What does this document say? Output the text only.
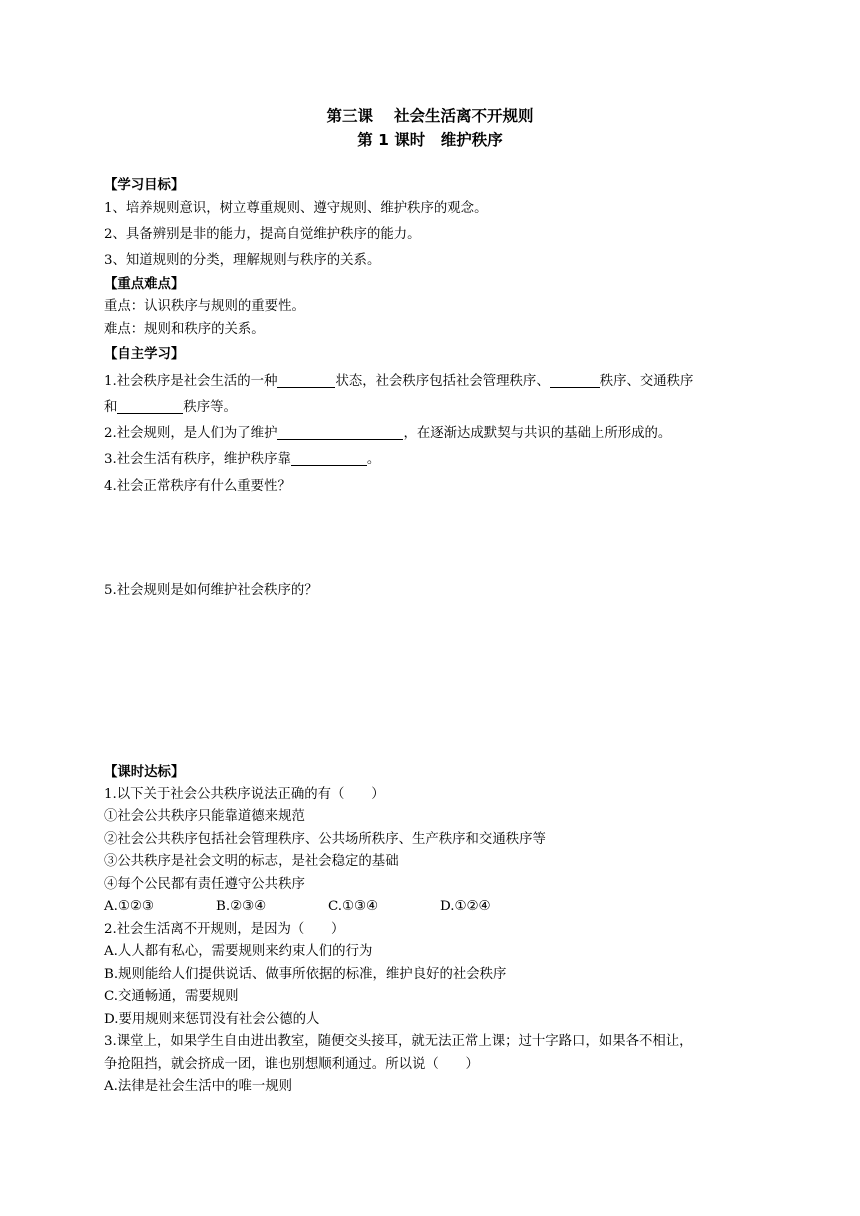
第三课　 社会生活离不开规则
第 1 课时　维护秩序
【学习目标】
1、培养规则意识，树立尊重规则、遵守规则、维护秩序的观念。
2、具备辨别是非的能力，提高自觉维护秩序的能力。
3、知道规则的分类，理解规则与秩序的关系。
【重点难点】
重点：认识秩序与规则的重要性。
难点：规则和秩序的关系。
【自主学习】
1.社会秩序是社会生活的一种	状态，社会秩序包括社会管理秩序、	秩序、交通秩序
和	秩序等。
2.社会规则，是人们为了维护	，在逐渐达成默契与共识的基础上所形成的。
3.社会生活有秩序，维护秩序靠	。
4.社会正常秩序有什么重要性？
5.社会规则是如何维护社会秩序的？
【课时达标】
1.以下关于社会公共秩序说法正确的有（　　）
①社会公共秩序只能靠道德来规范
②社会公共秩序包括社会管理秩序、公共场所秩序、生产秩序和交通秩序等
③公共秩序是社会文明的标志，是社会稳定的基础
④每个公民都有责任遵守公共秩序
A.①②③	B.②③④	C.①③④	D.①②④
2.社会生活离不开规则，是因为（　　）
A.人人都有私心，需要规则来约束人们的行为
B.规则能给人们提供说话、做事所依据的标准，维护良好的社会秩序
C.交通畅通，需要规则
D.要用规则来惩罚没有社会公德的人
3.课堂上，如果学生自由进出教室，随便交头接耳，就无法正常上课；过十字路口，如果各不相让，
争抢阻挡，就会挤成一团，谁也别想顺利通过。所以说（　　）
A.法律是社会生活中的唯一规则
